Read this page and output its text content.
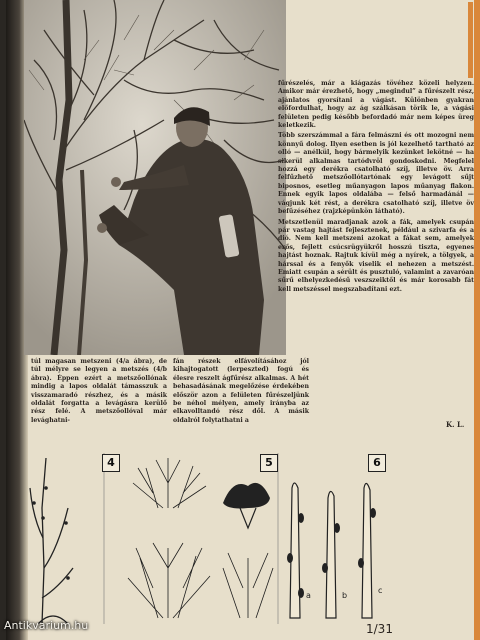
fűrészelés, már a kiágazás tövéhez közeli helyzen. Amikor már érezhető, hogy „megindul” a fűrészelt rész, ajánlatos gyorsítani a vágást. Különben gyakran előfordulhat, hogy az ág szálkásan törik le, a vágási felületen pedig később befordadó már nem képes üreg keletkezik.

Több szerszámmal a fára felmászni és ott mozogni nem könnyű dolog. Ilyen esetben is jól kezelhető tartható az olló — anélkül, hogy bármelyik kezünket lekötné — ha sikerül alkalmas tartódvröl gondoskodni. Megfelel hozzá egy derékra csatolható szíj, illetve öv. Arra felfűzhető metszőollótartónak egy levágott sűjt biposnos, esetleg műanyagon lapos műanyag flakon. Ennek egyik lapos oldalába — felső harmadánál — vágjunk két rést, a derékra csatolható szíj, illetve öv befűzéséhez (rajzképünkön látható).

Metszetlenül maradjanak azok a fák, amelyek csupán pár vastag hajtást fejlesztenek, például a szivarfa és a dió. Nem kell metszeni azokat a fákat sem, amelyek erős, fejlett csúcsrügyükről hosszú tiszta, egyenes hajtást hoznak. Rajtuk kívül még a nyírek, a tölgyek, a hárssal és a fenyők viselik el nehezen a metszést. Emiatt csupán a sérült és pusztuló, valamint a zavaróan sűrű elhelyezkedésű veszszeiktől és már korosabb fát kell metszéssel megszabadítani ezt.

túl magasan metszeni (4/a ábra), de túl mélyre se legyen a metszés (4/b ábra). Éppen ezért a metszőollónak mindig a lapos oldalát támasszuk a visszamaradó részhez, és a másik oldalát forgatta a levágásra kerülő rész felé. A metszőollóval már levághatni-

fán részek elfávolításához jól kihajtogatott (lerpeszted) fogú és élesre reszelt ágfűrész alkalmas. A hét behasadásának megelőzése érdekében először azon a felületen fűrészeljünk be néhol mélyen, amely irányba az elkavolltandó rész dől. A másik oldalról folytathatni a	K. L.
a	b
c
4	5	6
1/31
Antikvarium.hu
